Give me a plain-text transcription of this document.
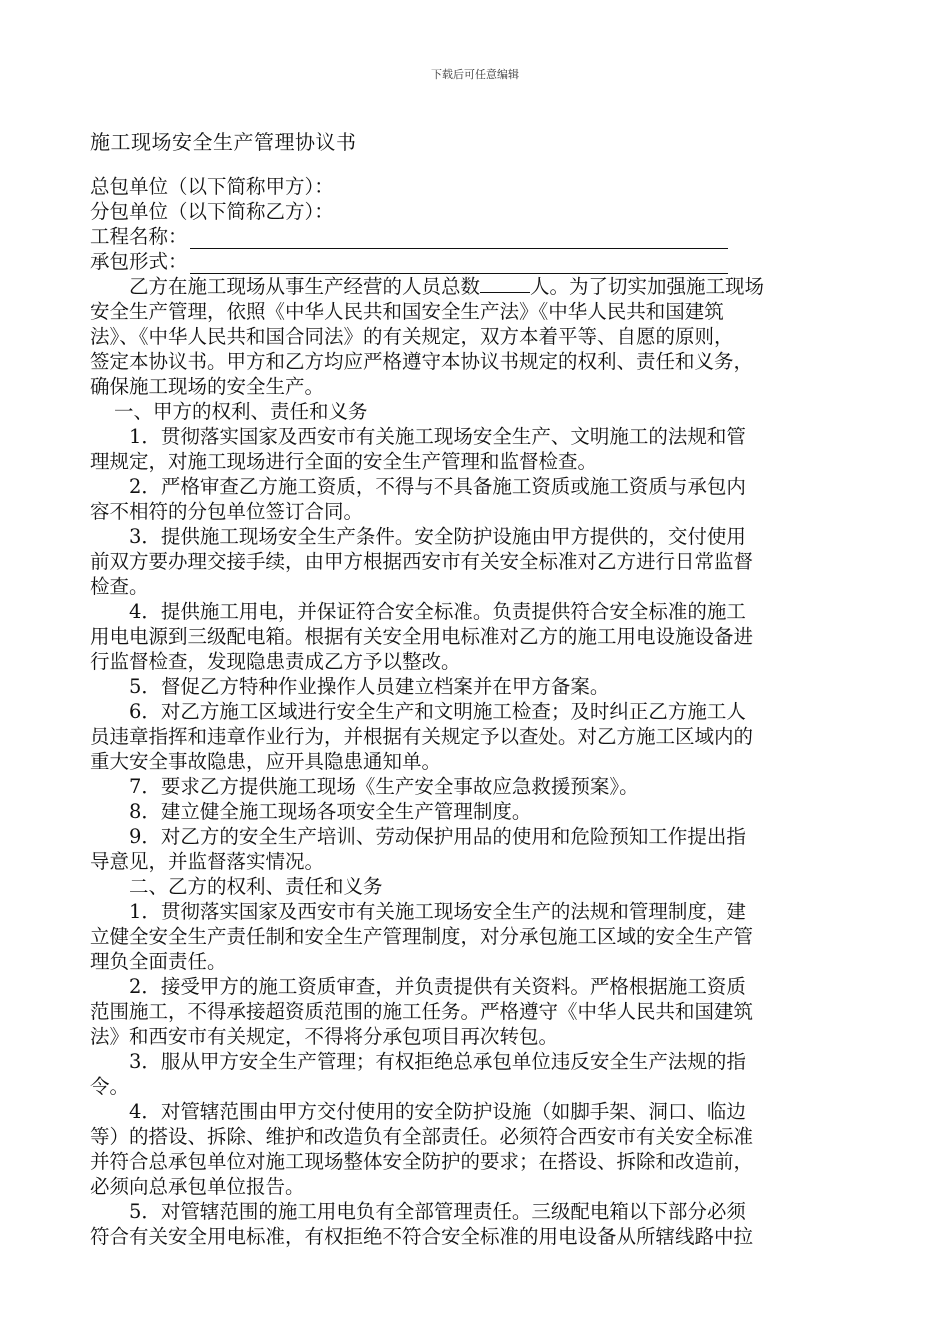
下载后可任意编辑
施工现场安全生产管理协议书
总包单位（以下简称甲方）：
分包单位（以下简称乙方）：
工程名称：
承包形式：
乙方在施工现场从事生产经营的人员总数	人。为了切实加强施工现场
安全生产管理，依照《中华人民共和国安全生产法》《中华人民共和国建筑
法》、《中华人民共和国合同法》的有关规定，双方本着平等、自愿的原则，
签定本协议书。甲方和乙方均应严格遵守本协议书规定的权利、责任和义务，
确保施工现场的安全生产。
一、甲方的权利、责任和义务
1．贯彻落实国家及西安市有关施工现场安全生产、文明施工的法规和管
理规定，对施工现场进行全面的安全生产管理和监督检查。
2．严格审查乙方施工资质，不得与不具备施工资质或施工资质与承包内
容不相符的分包单位签订合同。
3．提供施工现场安全生产条件。安全防护设施由甲方提供的，交付使用
前双方要办理交接手续，由甲方根据西安市有关安全标准对乙方进行日常监督
检查。
4．提供施工用电，并保证符合安全标准。负责提供符合安全标准的施工
用电电源到三级配电箱。根据有关安全用电标准对乙方的施工用电设施设备进
行监督检查，发现隐患责成乙方予以整改。
5．督促乙方特种作业操作人员建立档案并在甲方备案。
6．对乙方施工区域进行安全生产和文明施工检查；及时纠正乙方施工人
员违章指挥和违章作业行为，并根据有关规定予以查处。对乙方施工区域内的
重大安全事故隐患，应开具隐患通知单。
7．要求乙方提供施工现场《生产安全事故应急救援预案》。
8．建立健全施工现场各项安全生产管理制度。
9．对乙方的安全生产培训、劳动保护用品的使用和危险预知工作提出指
导意见，并监督落实情况。
二、乙方的权利、责任和义务
1．贯彻落实国家及西安市有关施工现场安全生产的法规和管理制度，建
立健全安全生产责任制和安全生产管理制度，对分承包施工区域的安全生产管
理负全面责任。
2．接受甲方的施工资质审查，并负责提供有关资料。严格根据施工资质
范围施工，不得承接超资质范围的施工任务。严格遵守《中华人民共和国建筑
法》和西安市有关规定，不得将分承包项目再次转包。
3．服从甲方安全生产管理；有权拒绝总承包单位违反安全生产法规的指
令。
4．对管辖范围由甲方交付使用的安全防护设施（如脚手架、洞口、临边
等）的搭设、拆除、维护和改造负有全部责任。必须符合西安市有关安全标准
并符合总承包单位对施工现场整体安全防护的要求；在搭设、拆除和改造前，
必须向总承包单位报告。
5．对管辖范围的施工用电负有全部管理责任。三级配电箱以下部分必须
符合有关安全用电标准，有权拒绝不符合安全标准的用电设备从所辖线路中拉
